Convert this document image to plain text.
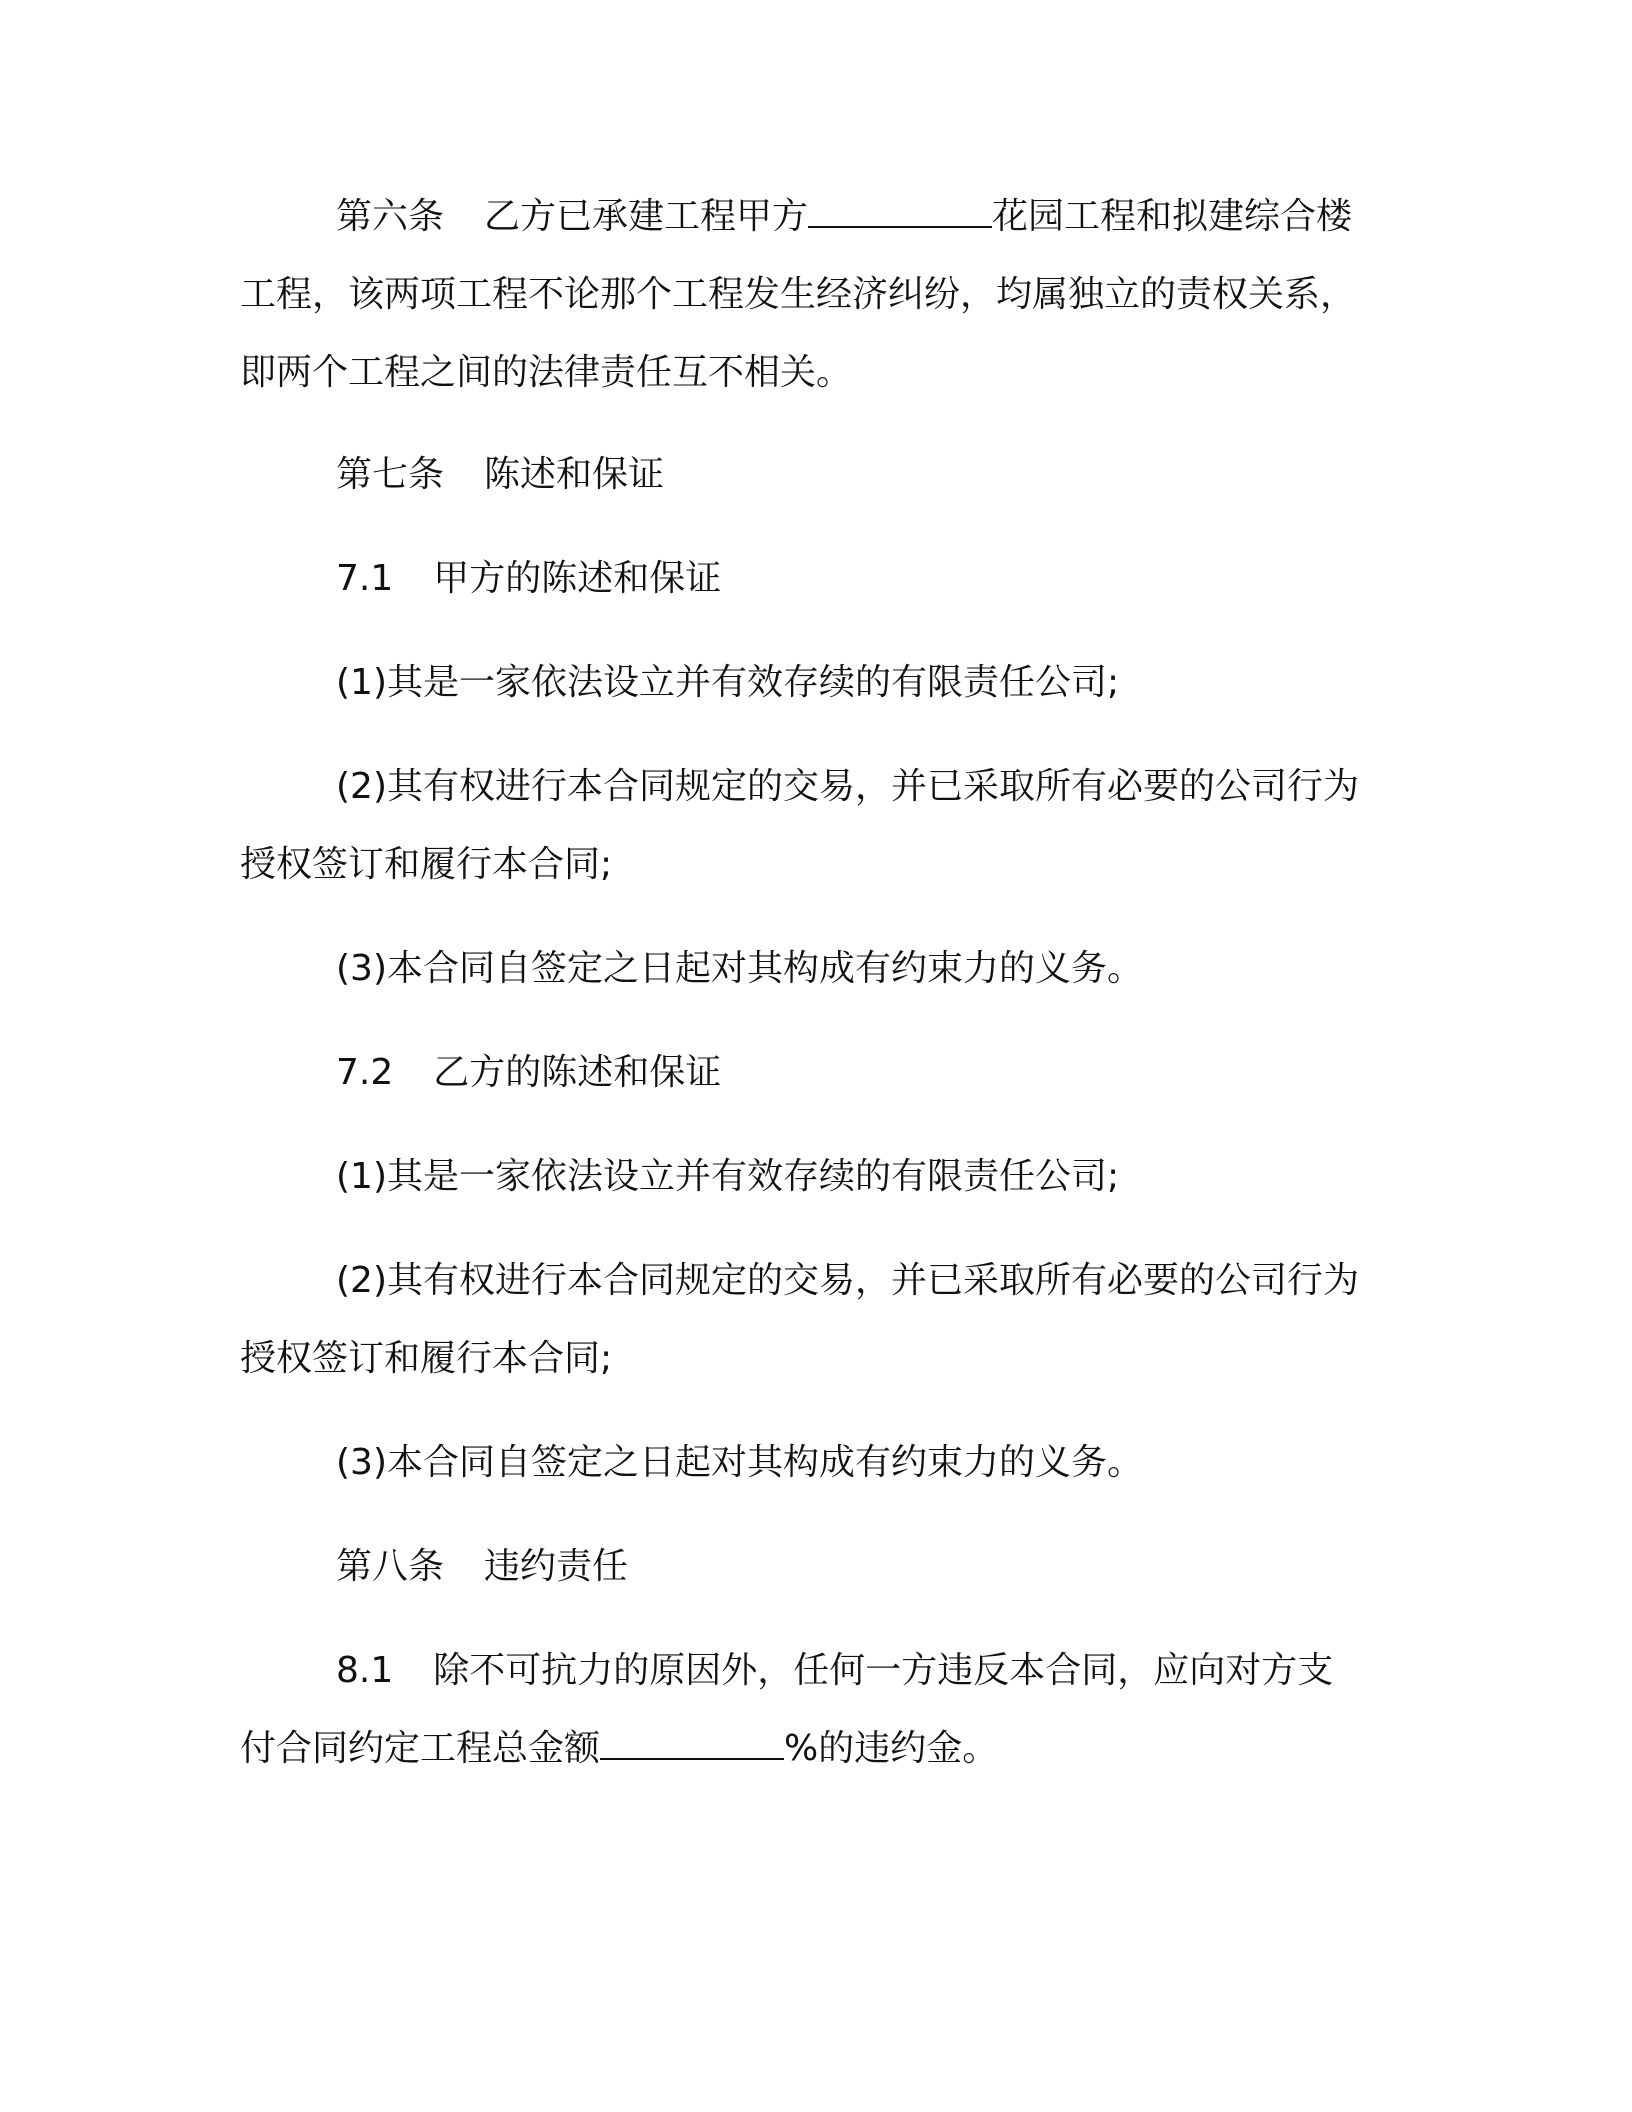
第六条 乙方已承建工程甲方	花园工程和拟建综合楼

工程，该两项工程不论那个工程发生经济纠纷，均属独立的责权关系，

即两个工程之间的法律责任互不相关。

第七条 陈述和保证

7.1 甲方的陈述和保证

(1)其是一家依法设立并有效存续的有限责任公司;

(2)其有权进行本合同规定的交易，并已采取所有必要的公司行为

授权签订和履行本合同;

(3)本合同自签定之日起对其构成有约束力的义务。

7.2 乙方的陈述和保证

(1)其是一家依法设立并有效存续的有限责任公司;

(2)其有权进行本合同规定的交易，并已采取所有必要的公司行为

授权签订和履行本合同;

(3)本合同自签定之日起对其构成有约束力的义务。

第八条 违约责任

8.1 除不可抗力的原因外，任何一方违反本合同，应向对方支

付合同约定工程总金额	%的违约金。
